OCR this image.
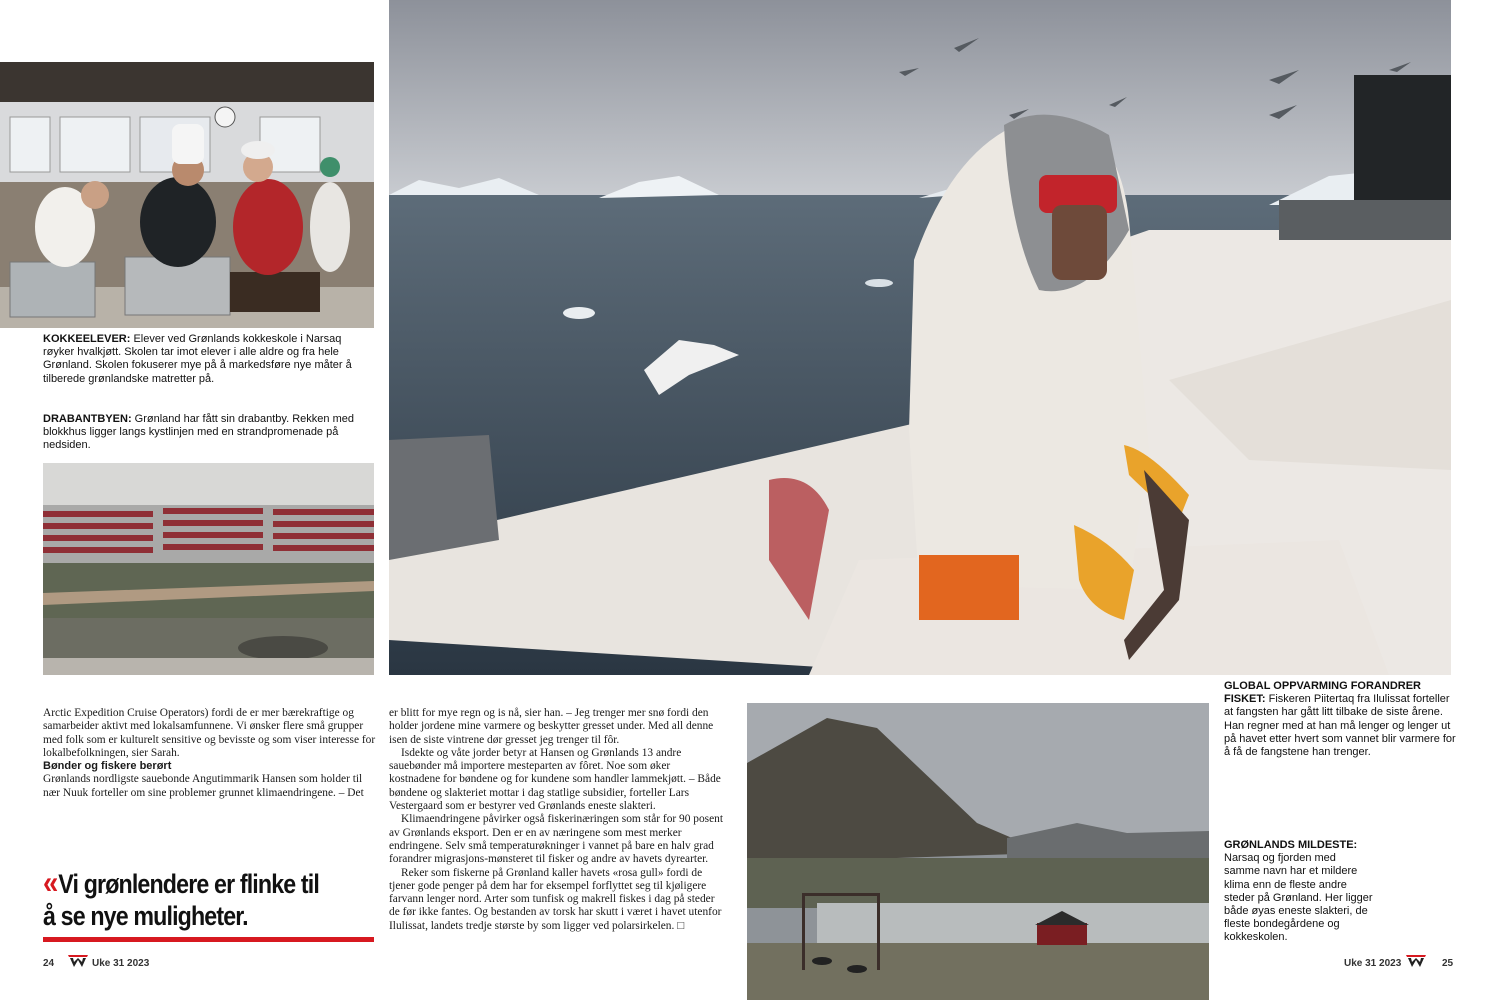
KOKKEELEVER: Elever ved Grønlands kokkeskole i Narsaq røyker hvalkjøtt. Skolen tar imot elever i alle aldre og fra hele Grønland. Skolen fokuserer mye på å markedsføre nye måter å tilberede grønlandske matretter på.
DRABANTBYEN: Grønland har fått sin drabantby. Rekken med blokkhus ligger langs kystlinjen med en strandpromenade på nedsiden.

Arctic Expedition Cruise Operators) fordi de er mer bærekraftige og samarbeider aktivt med lokalsamfunnene. Vi ønsker flere små grupper med folk som er kulturelt sensitive og bevisste og som viser interesse for lokalbefolkningen, sier Sarah.

Bønder og fiskere berørt

Grønlands nordligste sauebonde Angutimmarik Hansen som holder til nær Nuuk forteller om sine problemer grunnet klimaendringene. – Det

er blitt for mye regn og is nå, sier han. – Jeg trenger mer snø fordi den holder jordene mine varmere og beskytter gresset under. Med all denne isen de siste vintrene dør gresset jeg trenger til fôr.

Isdekte og våte jorder betyr at Hansen og Grønlands 13 andre sauebønder må importere mesteparten av fôret. Noe som øker kostnadene for bøndene og for kundene som handler lammekjøtt. – Både bøndene og slakteriet mottar i dag statlige subsidier, forteller Lars Vestergaard som er bestyrer ved Grønlands eneste slakteri.

Klimaendringene påvirker også fiskerinæringen som står for 90 posent av Grønlands eksport. Den er en av næringene som mest merker endringene. Selv små temperaturøkninger i vannet på bare en halv grad forandrer migrasjons-mønsteret til fisker og andre av havets dyrearter.

Reker som fiskerne på Grønland kaller havets «rosa gull» fordi de tjener gode penger på dem har for eksempel forflyttet seg til kjøligere farvann lenger nord. Arter som tunfisk og makrell fiskes i dag på steder de før ikke fantes. Og bestanden av torsk har skutt i været i havet utenfor Ilulissat, landets tredje største by som ligger ved polarsirkelen. □

« Vi grønlendere er flinke til
å se nye muligheter.
GLOBAL OPPVARMING FORANDRER FISKET: Fiskeren Piitertaq fra Ilulissat forteller at fangsten har gått litt tilbake de siste årene. Han regner med at han må lenger og lenger ut på havet etter hvert som vannet blir varmere for å få de fangstene han trenger.
GRØNLANDS MILDESTE: Narsaq og fjorden med samme navn har et mildere klima enn de fleste andre steder på Grønland. Her ligger både øyas eneste slakteri, de fleste bondegårdene og kokkeskolen.
24	Uke 31 2023	Uke 31 2023	25
